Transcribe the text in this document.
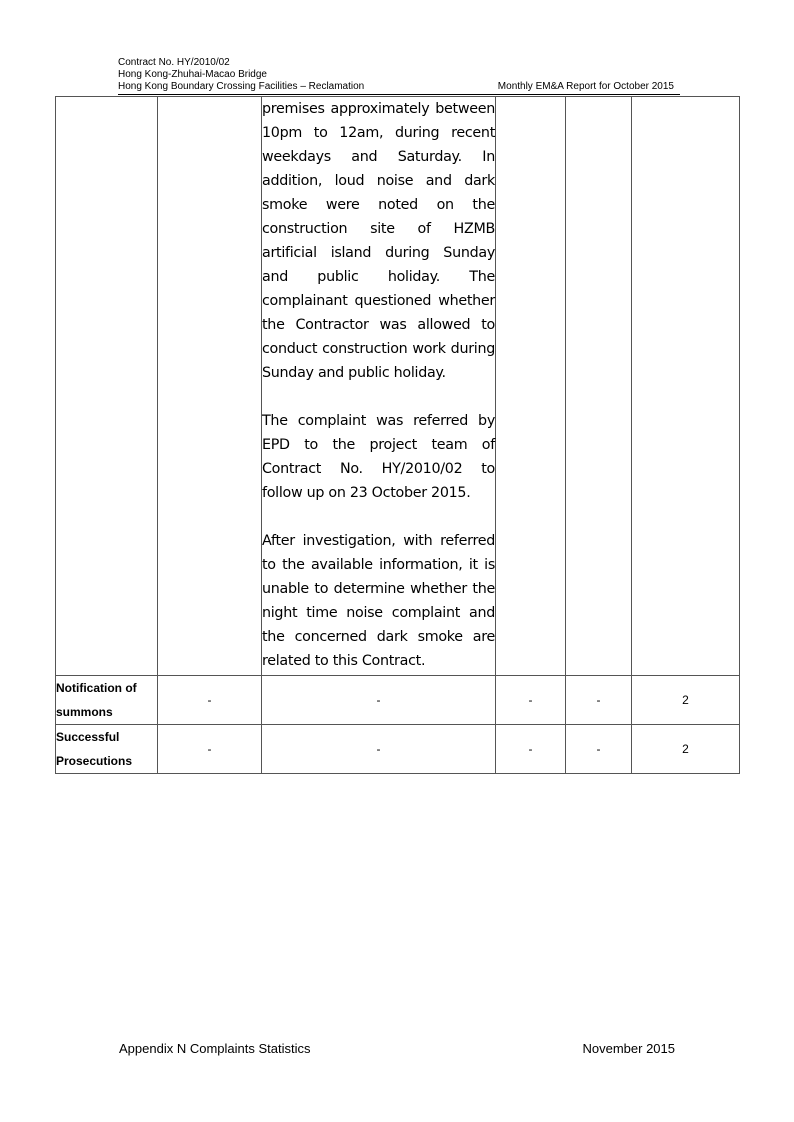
Contract No. HY/2010/02
Hong Kong-Zhuhai-Macao Bridge
Hong Kong Boundary Crossing Facilities – Reclamation	Monthly EM&A Report for October 2015

		premises approximately between 10pm to 12am, during recent weekdays and Saturday. In addition, loud noise and dark smoke were noted on the construction site of HZMB artificial island during Sunday and public holiday. The complainant questioned whether the Contractor was allowed to conduct construction work during Sunday and public holiday.

The complaint was referred by EPD to the project team of Contract No. HY/2010/02 to follow up on 23 October 2015.

After investigation, with referred to the available information, it is unable to determine whether the night time noise complaint and the concerned dark smoke are related to this Contract.			

Notification of
summons	-	-	-	-	2

Successful
Prosecutions	-	-	-	-	2
Appendix N Complaints Statistics	November 2015
